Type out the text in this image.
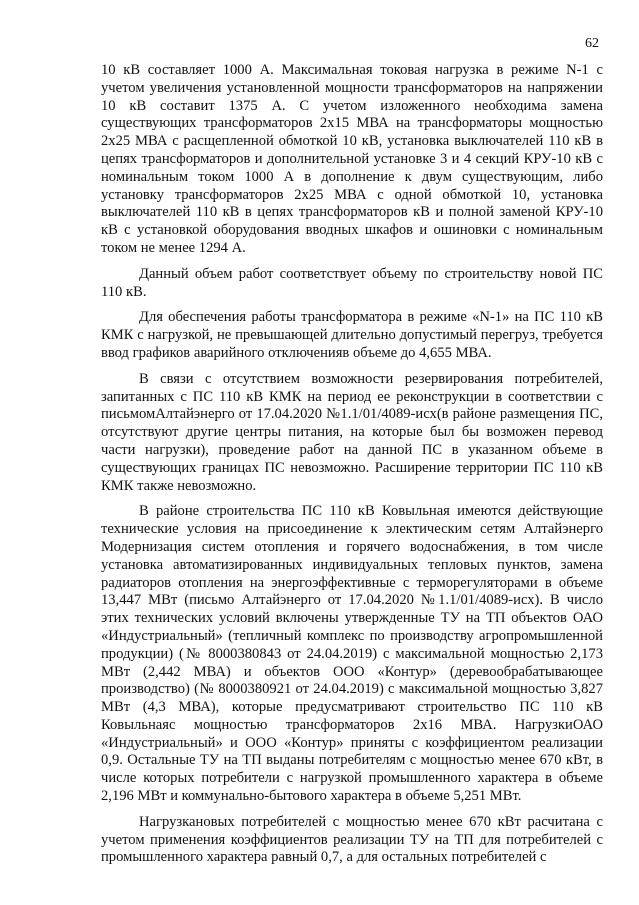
62

10 кВ составляет 1000 А. Максимальная токовая нагрузка в режиме N-1 с учетом увеличения установленной мощности трансформаторов на напряжении 10 кВ составит 1375 А. С учетом изложенного необходима замена существующих трансформаторов 2х15 МВА на трансформаторы мощностью 2х25 МВА с расщепленной обмоткой 10 кВ, установка выключателей 110 кВ в цепях трансформаторов и дополнительной установке 3 и 4 секций КРУ-10 кВ с номинальным током 1000 А в дополнение к двум существующим, либо установку трансформаторов 2х25 МВА с одной обмоткой 10, установка выключателей 110 кВ в цепях трансформаторов кВ и полной заменой КРУ-10 кВ с установкой оборудования вводных шкафов и ошиновки с номинальным током не менее 1294 А.

Данный объем работ соответствует объему по строительству новой ПС 110 кВ.

Для обеспечения работы трансформатора в режиме «N-1» на ПС 110 кВ КМК с нагрузкой, не превышающей длительно допустимый перегруз, требуется ввод графиков аварийного отключенияв объеме до 4,655 МВА.

В связи с отсутствием возможности резервирования потребителей, запитанных с ПС 110 кВ КМК на период ее реконструкции в соответствии с письмомАлтайэнерго от 17.04.2020 №1.1/01/4089-исх(в районе размещения ПС, отсутствуют другие центры питания, на которые был бы возможен перевод части нагрузки), проведение работ на данной ПС в указанном объеме в существующих границах ПС невозможно. Расширение территории ПС 110 кВ КМК также невозможно.

В районе строительства ПС 110 кВ Ковыльная имеются действующие технические условия на присоединение к электическим сетям Алтайэнерго Модернизация систем отопления и горячего водоснабжения, в том числе установка автоматизированных индивидуальных тепловых пунктов, замена радиаторов отопления на энергоэффективные с терморегуляторами в объеме 13,447 МВт (письмо Алтайэнерго от 17.04.2020 №1.1/01/4089-исх). В число этих технических условий включены утвержденные ТУ на ТП объектов ОАО «Индустриальный» (тепличный комплекс по производству агропромышленной продукции) (№ 8000380843 от 24.04.2019) с максимальной мощностью 2,173 МВт (2,442 МВА) и объектов ООО «Контур» (деревообрабатывающее производство) (№ 8000380921 от 24.04.2019) с максимальной мощностью 3,827 МВт (4,3 МВА), которые предусматривают строительство ПС 110 кВ Ковыльнаяс мощностью трансформаторов 2х16 МВА. НагрузкиОАО «Индустриальный» и ООО «Контур» приняты с коэффициентом реализации 0,9. Остальные ТУ на ТП выданы потребителям с мощностью менее 670 кВт, в числе которых потребители с нагрузкой промышленного характера в объеме 2,196 МВт и коммунально-бытового характера в объеме 5,251 МВт.

Нагрузкановых потребителей с мощностью менее 670 кВт расчитана с учетом применения коэффициентов реализации ТУ на ТП для потребителей с промышленного характера равный 0,7, а для остальных потребителей с
